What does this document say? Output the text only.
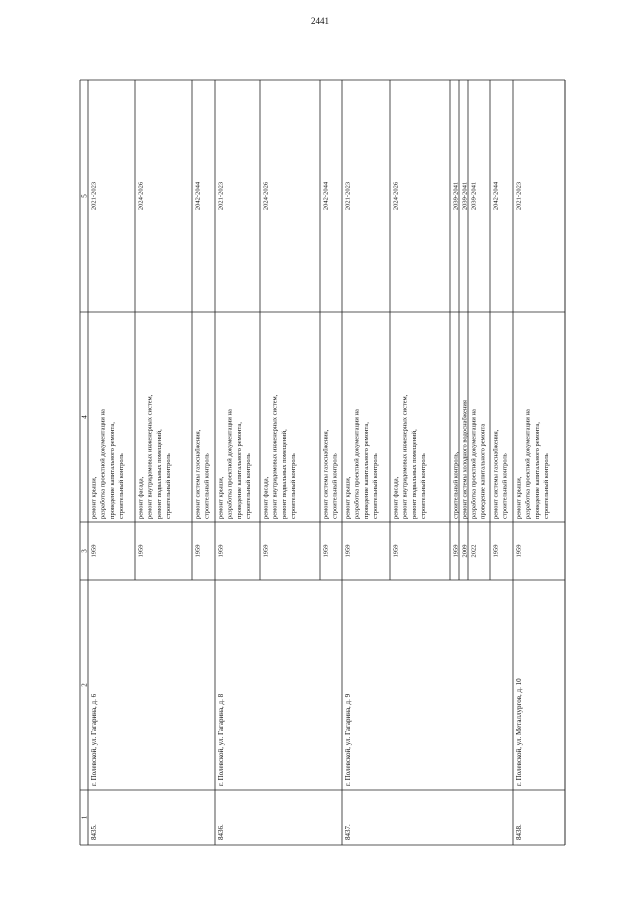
2441
1
2
3
4
5
8435.
г. Полевской, ул. Гагарина, д. 6
1959
ремонт крыши, разработка проектной документации на проведение капитального ремонта, строительный контроль
2021-2023
1959
ремонт фасада, ремонт внутридомовых инженерных систем, ремонт подвальных помещений, строительный контроль
2024-2026
1959
ремонт системы газоснабжения, строительный контроль
2042-2044
8436.
г. Полевской, ул. Гагарина, д. 8
1959
ремонт крыши, разработка проектной документации на проведение капитального ремонта, строительный контроль
2021-2023
1959
ремонт фасада, ремонт внутридомовых инженерных систем, ремонт подвальных помещений, строительный контроль
2024-2026
1959
ремонт системы газоснабжения, строительный контроль
2042-2044
8437.
г. Полевской, ул. Гагарина, д. 9
1959
ремонт крыши, разработка проектной документации на проведение капитального ремонта, строительный контроль
2021-2023
1959
ремонт фасада, ремонт внутридомовых инженерных систем, ремонт подвальных помещений, строительный контроль
2024-2026
1959
строительный контроль,
2039-2041
2009
ремонт системы холодного водоснабжения
2039-2041
2022
разработка проектной документации на проведение капитального ремонта
2039-2041
1959
ремонт системы газоснабжения, строительный контроль
2042-2044
8438.
г. Полевской, ул. Металлургов, д. 10
1959
ремонт крыши, разработка проектной документации на проведение капитального ремонта, строительный контроль
2021-2023
